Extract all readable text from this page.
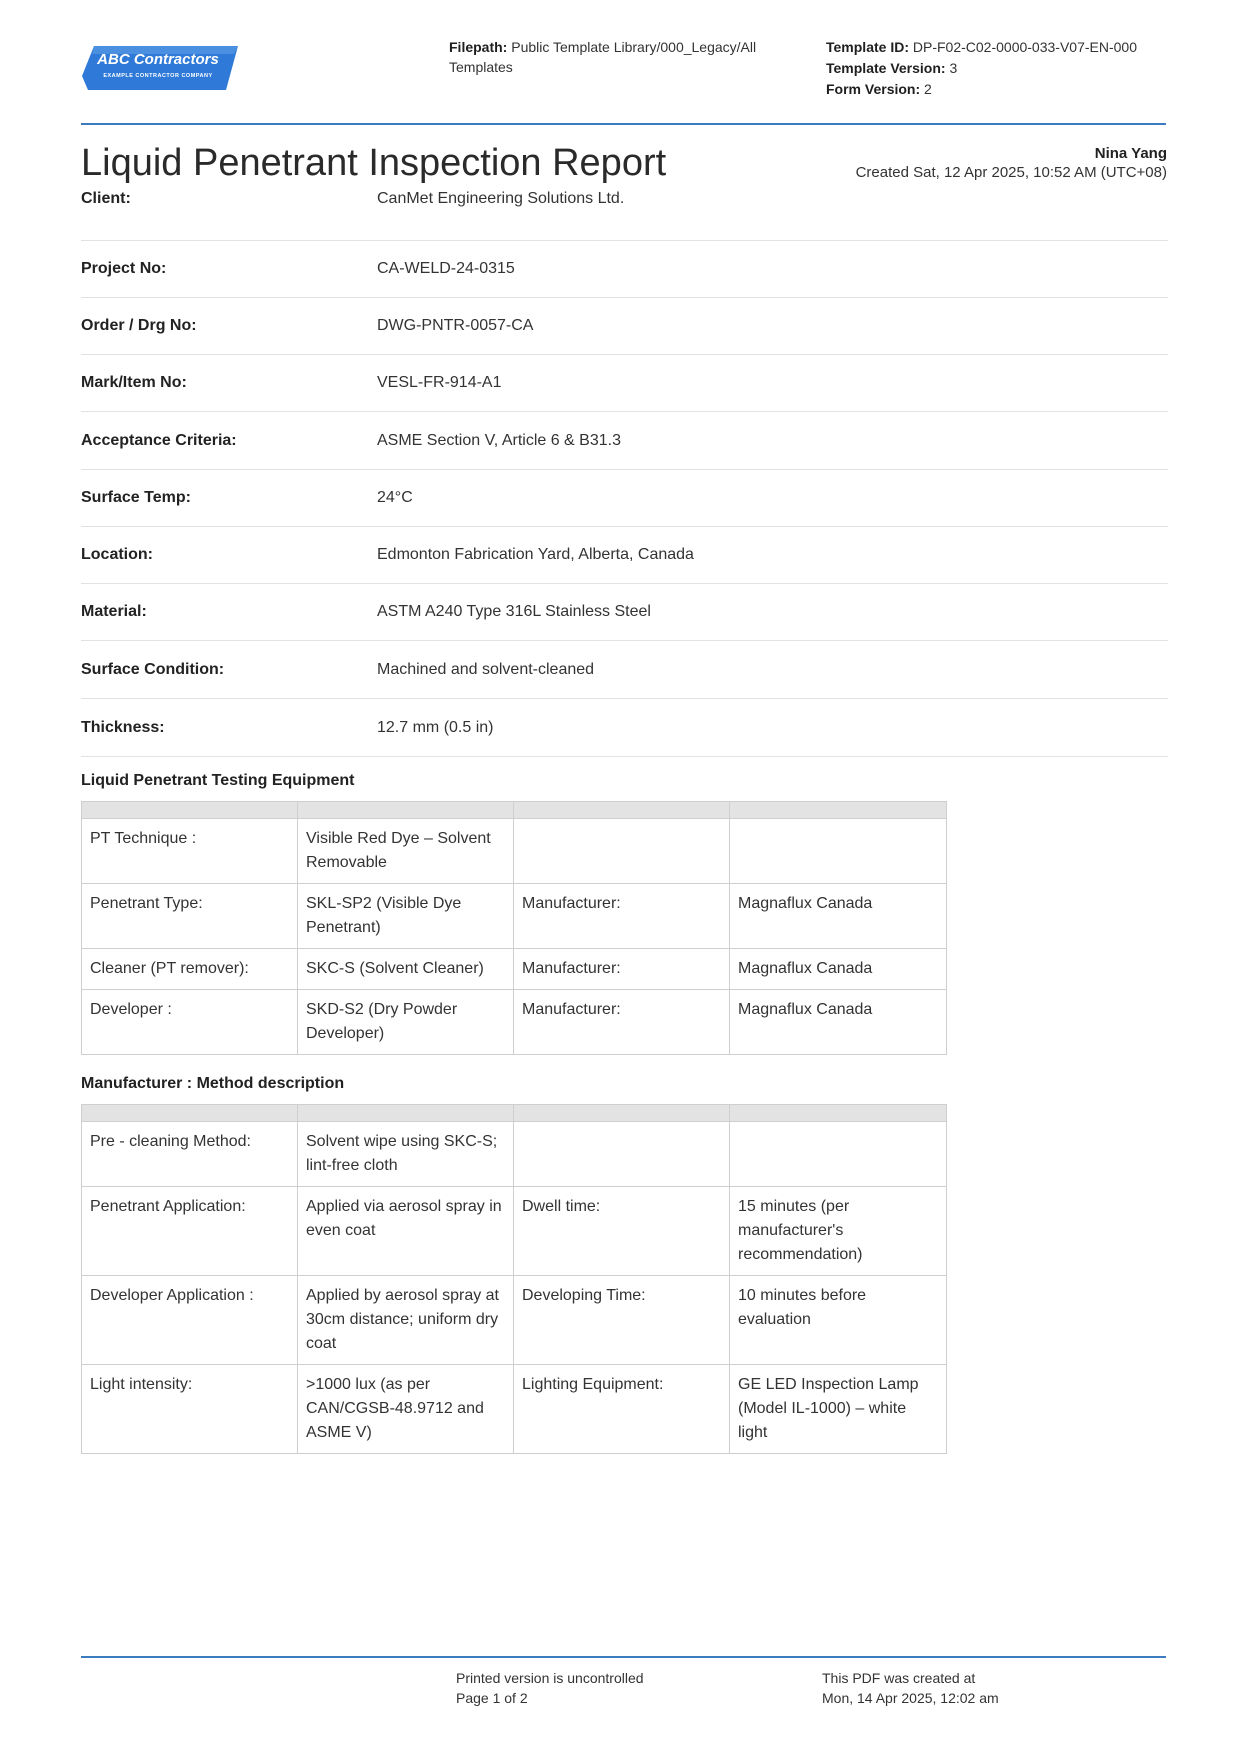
ABC Contractors
EXAMPLE CONTRACTOR COMPANY
Filepath: Public Template Library/000_Legacy/All Templates
Template ID: DP-F02-C02-0000-033-V07-EN-000
Template Version: 3
Form Version: 2
Liquid Penetrant Inspection Report	Nina Yang
Created Sat, 12 Apr 2025, 10:52 AM (UTC+08)
Client:	CanMet Engineering Solutions Ltd.
Project No:	CA-WELD-24-0315
Order / Drg No:	DWG-PNTR-0057-CA
Mark/Item No:	VESL-FR-914-A1
Acceptance Criteria:	ASME Section V, Article 6 & B31.3
Surface Temp:	24°C
Location:	Edmonton Fabrication Yard, Alberta, Canada
Material:	ASTM A240 Type 316L Stainless Steel
Surface Condition:	Machined and solvent-cleaned
Thickness:	12.7 mm (0.5 in)
Liquid Penetrant Testing Equipment

PT Technique :	Visible Red Dye – Solvent Removable		
Penetrant Type:	SKL-SP2 (Visible Dye Penetrant)	Manufacturer:	Magnaflux Canada
Cleaner (PT remover):	SKC-S (Solvent Cleaner)	Manufacturer:	Magnaflux Canada
Developer :	SKD-S2 (Dry Powder Developer)	Manufacturer:	Magnaflux Canada
Manufacturer : Method description

Pre - cleaning Method:	Solvent wipe using SKC-S; lint-free cloth		
Penetrant Application:	Applied via aerosol spray in even coat	Dwell time:	15 minutes (per manufacturer's recommendation)
Developer Application :	Applied by aerosol spray at 30cm distance; uniform dry coat	Developing Time:	10 minutes before evaluation
Light intensity:	>1000 lux (as per CAN/CGSB-48.9712 and ASME V)	Lighting Equipment:	GE LED Inspection Lamp (Model IL-1000) – white light
Printed version is uncontrolled
Page 1 of 2
This PDF was created at
Mon, 14 Apr 2025, 12:02 am
